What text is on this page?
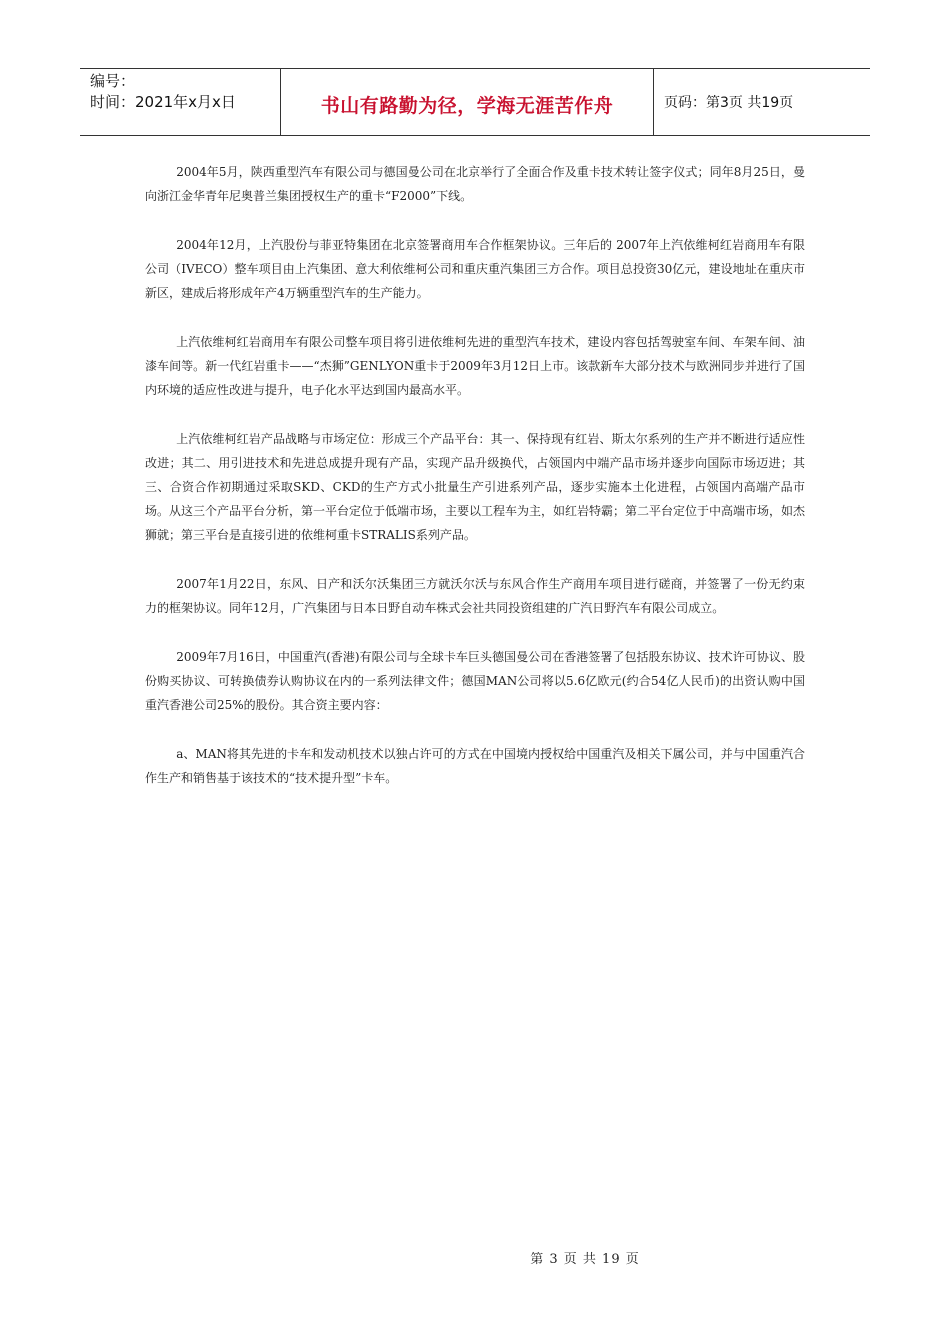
编号：
时间：2021年x月x日	书山有路勤为径，学海无涯苦作舟	页码：第3页 共19页

2004年5月，陕西重型汽车有限公司与德国曼公司在北京举行了全面合作及重卡技术转让签字仪式；同年8月25日，曼向浙江金华青年尼奥普兰集团授权生产的重卡“F2000”下线。

2004年12月，上汽股份与菲亚特集团在北京签署商用车合作框架协议。三年后的 2007年上汽依维柯红岩商用车有限公司（IVECO）整车项目由上汽集团、意大利依维柯公司和重庆重汽集团三方合作。项目总投资30亿元，建设地址在重庆市新区，建成后将形成年产4万辆重型汽车的生产能力。

上汽依维柯红岩商用车有限公司整车项目将引进依维柯先进的重型汽车技术，建设内容包括驾驶室车间、车架车间、油漆车间等。新一代红岩重卡——“杰狮”GENLYON重卡于2009年3月12日上市。该款新车大部分技术与欧洲同步并进行了国内环境的适应性改进与提升，电子化水平达到国内最高水平。

上汽依维柯红岩产品战略与市场定位：形成三个产品平台：其一、保持现有红岩、斯太尔系列的生产并不断进行适应性改进；其二、用引进技术和先进总成提升现有产品，实现产品升级换代，占领国内中端产品市场并逐步向国际市场迈进；其三、合资合作初期通过采取SKD、CKD的生产方式小批量生产引进系列产品，逐步实施本土化进程，占领国内高端产品市场。从这三个产品平台分析，第一平台定位于低端市场，主要以工程车为主，如红岩特霸；第二平台定位于中高端市场，如杰狮就；第三平台是直接引进的依维柯重卡STRALIS系列产品。

2007年1月22日，东风、日产和沃尔沃集团三方就沃尔沃与东风合作生产商用车项目进行磋商，并签署了一份无约束力的框架协议。同年12月，广汽集团与日本日野自动车株式会社共同投资组建的广汽日野汽车有限公司成立。

2009年7月16日，中国重汽(香港)有限公司与全球卡车巨头德国曼公司在香港签署了包括股东协议、技术许可协议、股份购买协议、可转换债券认购协议在内的一系列法律文件；德国MAN公司将以5.6亿欧元(约合54亿人民币)的出资认购中国重汽香港公司25%的股份。其合资主要内容：

a、MAN将其先进的卡车和发动机技术以独占许可的方式在中国境内授权给中国重汽及相关下属公司，并与中国重汽合作生产和销售基于该技术的“技术提升型”卡车。

第 3 页 共 19 页
